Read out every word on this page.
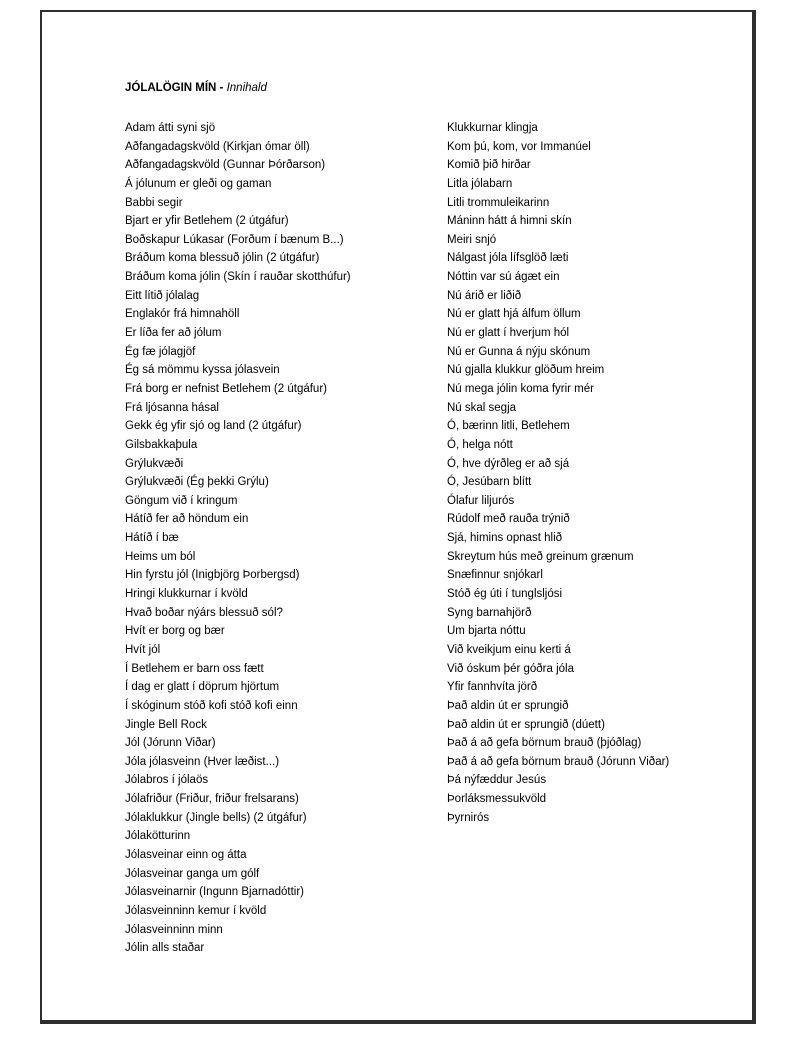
JÓLALÖGIN MÍN - Innihald
Adam átti syni sjö
Aðfangadagskvöld (Kirkjan ómar öll)
Aðfangadagskvöld (Gunnar Þórðarson)
Á jólunum er gleði og gaman
Babbi segir
Bjart er yfir Betlehem (2 útgáfur)
Boðskapur Lúkasar (Forðum í bænum B...)
Bráðum koma blessuð jólin (2 útgáfur)
Bráðum koma jólin (Skín í rauðar skotthúfur)
Eitt lítið jólalag
Englakór frá himnahöll
Er líða fer að jólum
Ég fæ jólagjöf
Ég sá mömmu kyssa jólasvein
Frá borg er nefnist Betlehem (2 útgáfur)
Frá ljósanna hásal
Gekk ég yfir sjó og land (2 útgáfur)
Gilsbakkaþula
Grýlukvæði
Grýlukvæði (Ég þekki Grýlu)
Göngum við í kringum
Hátíð fer að höndum ein
Hátíð í bæ
Heims um ból
Hin fyrstu jól (Inigbjörg Þorbergsd)
Hringi klukkurnar í kvöld
Hvað boðar nýárs blessuð sól?
Hvít er borg og bær
Hvít jól
Í Betlehem er barn oss fætt
Í dag er glatt í döprum hjörtum
Í skóginum stóð kofi stóð kofi einn
Jingle Bell Rock
Jól (Jórunn Viðar)
Jóla jólasveinn (Hver læðist...)
Jólabros í jólaös
Jólafriður (Friður, friður frelsarans)
Jólaklukkur (Jingle bells) (2 útgáfur)
Jólakötturinn
Jólasveinar einn og átta
Jólasveinar ganga um gólf
Jólasveinarnir (Ingunn Bjarnadóttir)
Jólasveinninn kemur í kvöld
Jólasveinninn minn
Jólin alls staðar
Klukkurnar klingja
Kom þú, kom, vor Immanúel
Komið þið hirðar
Litla jólabarn
Litli trommuleikarinn
Máninn hátt á himni skín
Meiri snjó
Nálgast jóla lífsglöð læti
Nóttin var sú ágæt ein
Nú árið er liðið
Nú er glatt hjá álfum öllum
Nú er glatt í hverjum hól
Nú er Gunna á nýju skónum
Nú gjalla klukkur glöðum hreim
Nú mega jólin koma fyrir mér
Nú skal segja
Ó, bærinn litli, Betlehem
Ó, helga nótt
Ó, hve dýrðleg er að sjá
Ó, Jesúbarn blítt
Ólafur liljurós
Rúdolf með rauða trýnið
Sjá, himins opnast hlið
Skreytum hús með greinum grænum
Snæfinnur snjókarl
Stóð ég úti í tunglsljósi
Syng barnahjörð
Um bjarta nóttu
Við kveikjum einu kerti á
Við óskum þér góðra jóla
Yfir fannhvíta jörð
Það aldin út er sprungið
Það aldin út er sprungið (dúett)
Það á að gefa börnum brauð (þjóðlag)
Það á að gefa börnum brauð (Jórunn Viðar)
Þá nýfæddur Jesús
Þorláksmessukvöld
Þyrnirós
